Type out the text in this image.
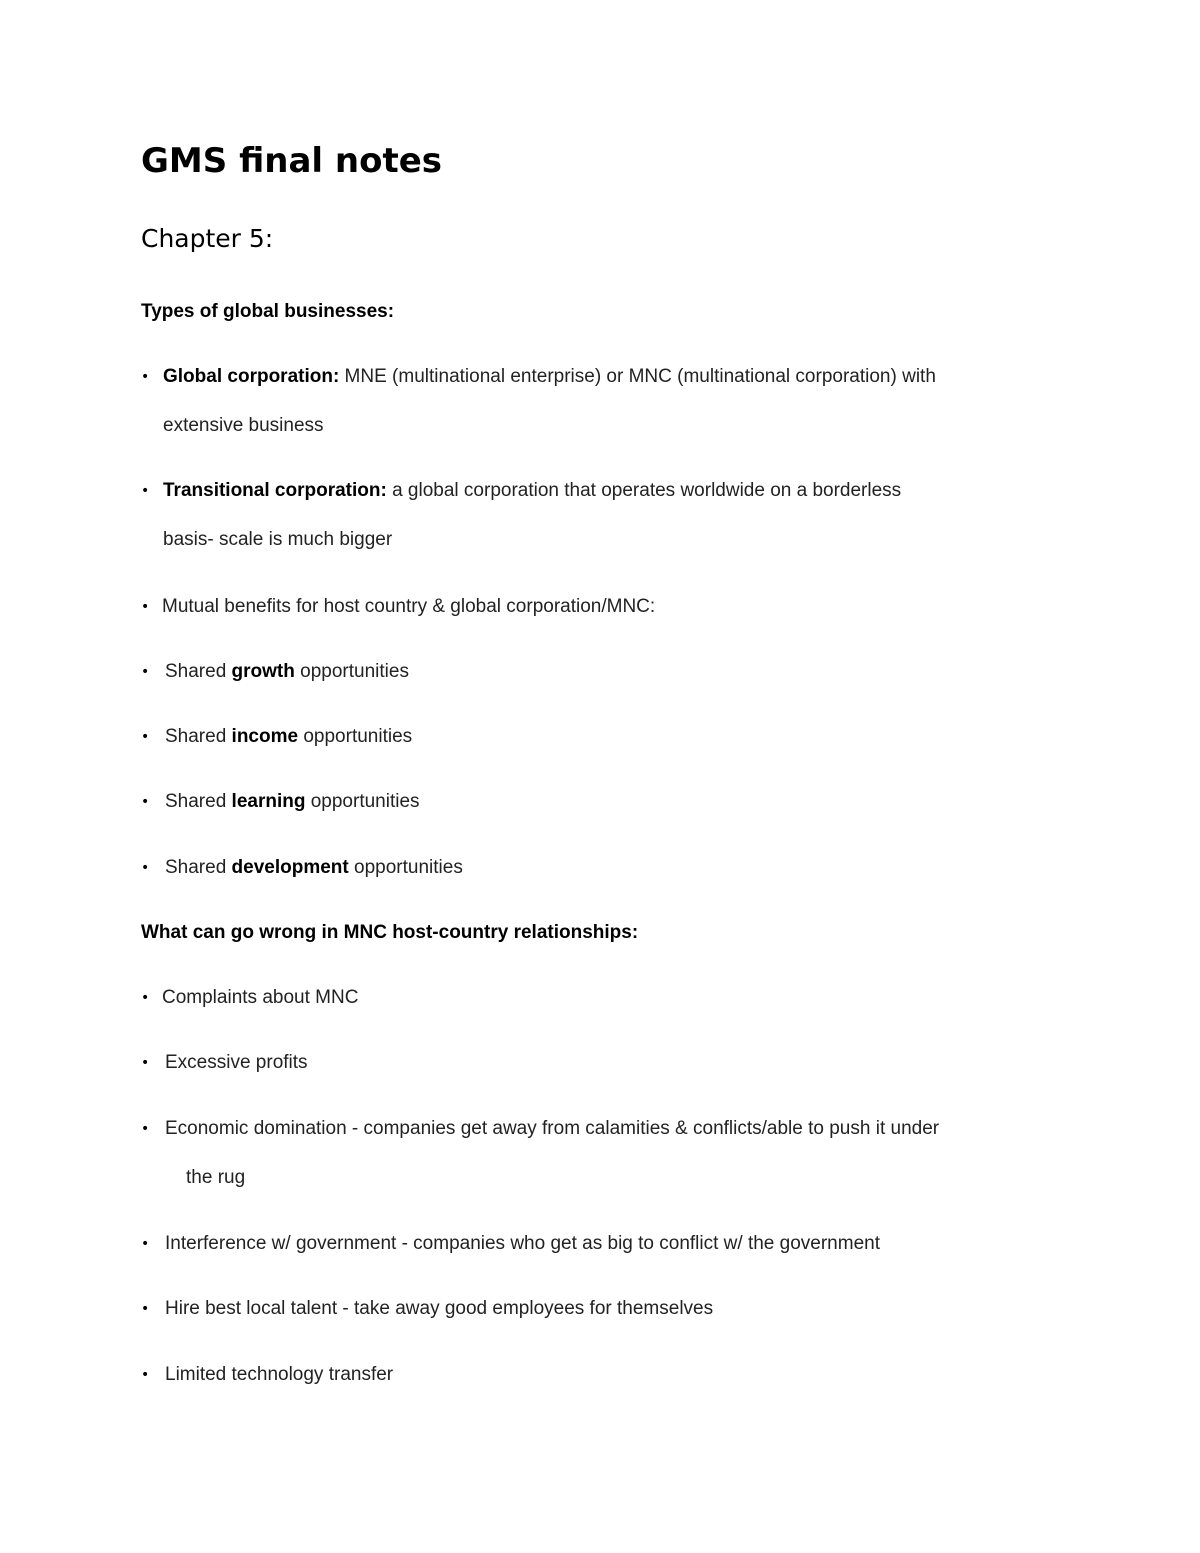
GMS final notes
Chapter 5:

Types of global businesses:

• Global corporation: MNE (multinational enterprise) or MNC (multinational corporation) with

extensive business

• Transitional corporation: a global corporation that operates worldwide on a borderless

basis- scale is much bigger

• Mutual benefits for host country & global corporation/MNC:

• Shared growth opportunities

• Shared income opportunities

• Shared learning opportunities

• Shared development opportunities

What can go wrong in MNC host-country relationships:

• Complaints about MNC

• Excessive profits

• Economic domination - companies get away from calamities & conflicts/able to push it under

the rug

• Interference w/ government - companies who get as big to conflict w/ the government

• Hire best local talent - take away good employees for themselves

• Limited technology transfer
